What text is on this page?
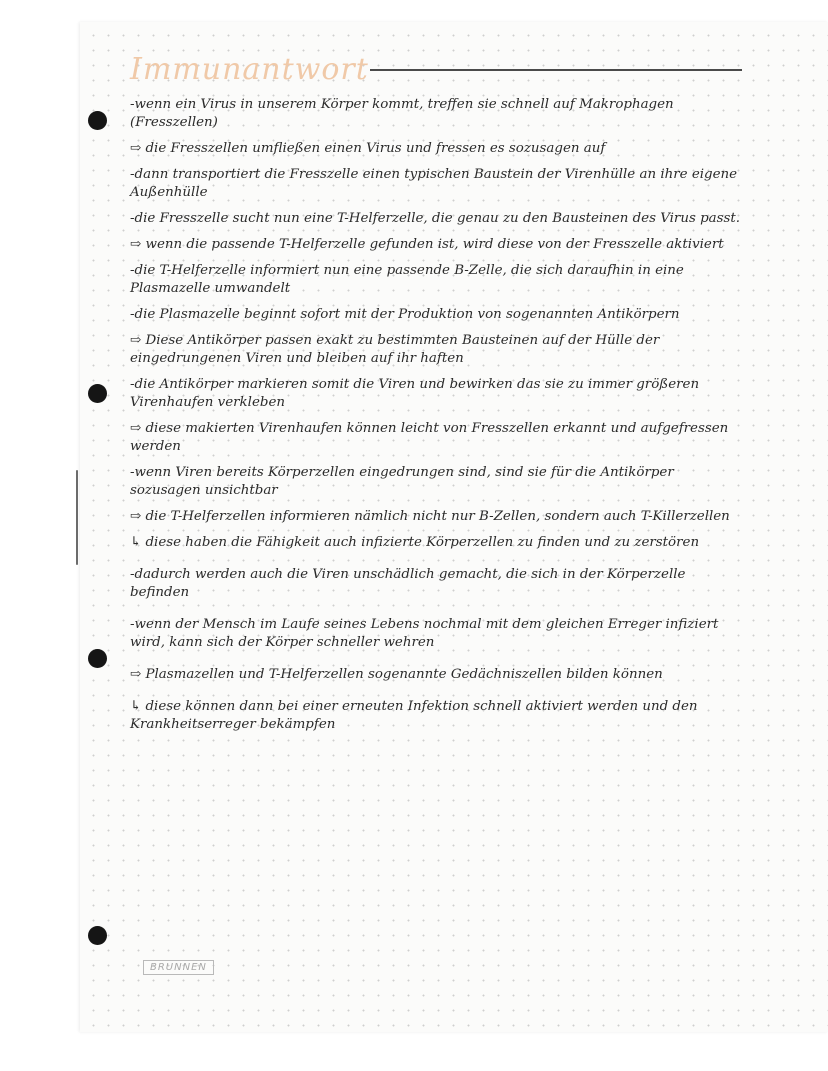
Immunantwort

-wenn ein Virus in unserem Körper kommt, treffen sie schnell auf Makrophagen (Fresszellen)

⇨ die Fresszellen umfließen einen Virus und fressen es sozusagen auf

-dann transportiert die Fresszelle einen typischen Baustein der Virenhülle an ihre eigene Außenhülle

-die Fresszelle sucht nun eine T-Helferzelle, die genau zu den Bausteinen des Virus passt.

⇨ wenn die passende T-Helferzelle gefunden ist, wird diese von der Fresszelle aktiviert

-die T-Helferzelle informiert nun eine passende B-Zelle, die sich daraufhin in eine Plasmazelle umwandelt

-die Plasmazelle beginnt sofort mit der Produktion von sogenannten Antikörpern

⇨ Diese Antikörper passen exakt zu bestimmten Bausteinen auf der Hülle der eingedrungenen Viren und bleiben auf ihr haften

-die Antikörper markieren somit die Viren und bewirken das sie zu immer größeren Virenhaufen verkleben

⇨ diese makierten Virenhaufen können leicht von Fresszellen erkannt und aufgefressen werden

-wenn Viren bereits Körperzellen eingedrungen sind, sind sie für die Antikörper sozusagen unsichtbar

⇨ die T-Helferzellen informieren nämlich nicht nur B-Zellen, sondern auch T-Killerzellen

↳ diese haben die Fähigkeit auch infizierte Körperzellen zu finden und zu zerstören

-dadurch werden auch die Viren unschädlich gemacht, die sich in der Körperzelle befinden

-wenn der Mensch im Laufe seines Lebens nochmal mit dem gleichen Erreger infiziert wird, kann sich der Körper schneller wehren

⇨ Plasmazellen und T-Helferzellen sogenannte Gedächniszellen bilden können

↳ diese können dann bei einer erneuten Infektion schnell aktiviert werden und den Krankheitserreger bekämpfen

BRUNNEN
